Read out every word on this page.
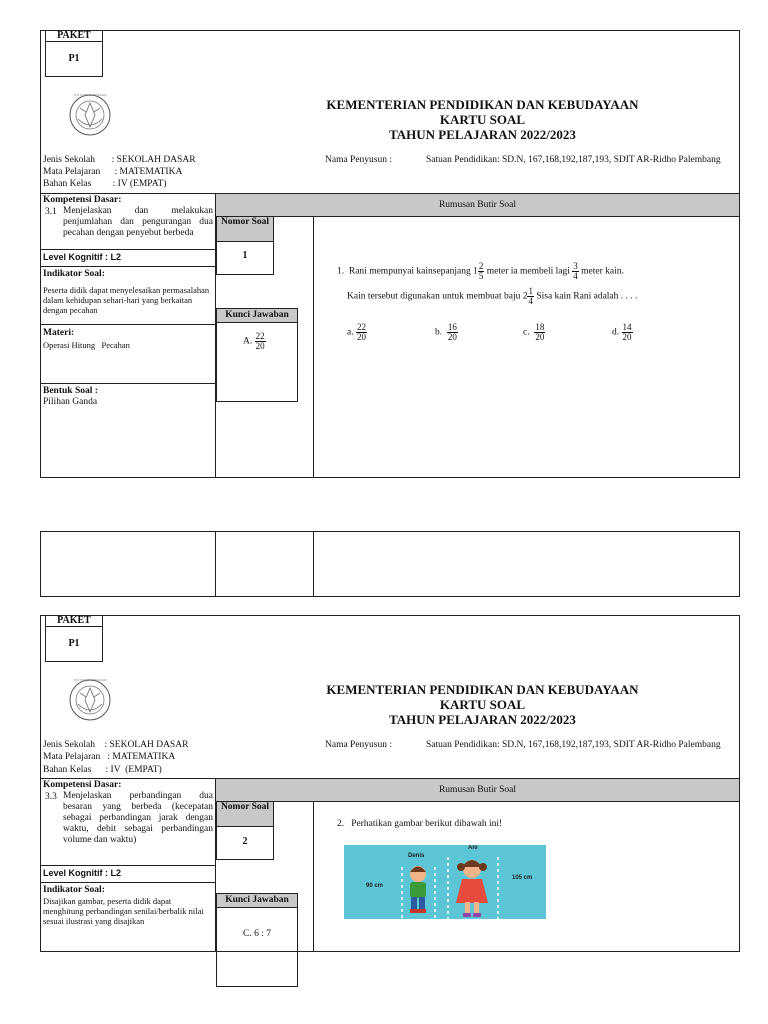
PAKET
P1
TUT WURI HANDAYANI
KEMENTERIAN PENDIDIKAN DAN KEBUDAYAAN
KARTU SOAL
TAHUN PELAJARAN 2022/2023
Jenis Sekolah       : SEKOLAH DASAR
Mata Pelajaran      : MATEMATIKA
Bahan Kelas         : IV (EMPAT)
Nama Penyusun :	Satuan Pendidikan: SD.N, 167,168,192,187,193, SDIT AR-Ridho Palembang
Rumusan Butir Soal
Kompetensi Dasar:
3.1 Menjelaskan dan melakukan penjumlahan dan pengurangan dua pecahan dengan penyebut berbeda
Level Kognitif : L2
Indikator Soal:
Peserta didik dapat menyelesaikan permasalahan dalam kehidupan sehari-hari yang berkaitan dengan pecahan
Materi:
Operasi Hitung   Pecahan
Bentuk Soal :
Pilihan Ganda
Nomor Soal
1
Kunci Jawaban
A. $\frac{22}{20}$
1. Rani mempunyai kainsepanjang $1 \frac{2}{5}$ meter ia membeli lagi $\frac{3}{4}$ meter kain.
Kain tersebut digunakan untuk membuat baju $2 \frac{1}{4}$ Sisa kain Rani adalah . . . .
a. $\frac{22}{20}$	b. $\frac{16}{20}$	c. $\frac{18}{20}$	d. $\frac{14}{20}$
PAKET
P1
TUT WURI HANDAYANI
KEMENTERIAN PENDIDIKAN DAN KEBUDAYAAN
KARTU SOAL
TAHUN PELAJARAN 2022/2023
Jenis Sekolah    : SEKOLAH DASAR
Mata Pelajaran   : MATEMATIKA
Bahan Kelas      : IV  (EMPAT)
Nama Penyusun :	Satuan Pendidikan: SD.N, 167,168,192,187,193, SDIT AR-Ridho Palembang
Rumusan Butir Soal
Kompetensi Dasar:
3.3 Menjelaskan perbandingan dua besaran yang berbeda (kecepatan sebagai perbandingan jarak dengan waktu, debit sebagai perbandingan volume dan waktu)
Level Kognitif : L2
Indikator Soal:
Disajikan gambar, peserta didik dapat menghitung perbandingan senilai/berbalik nilai sesuai ilustrasi yang disajikan
Nomor Soal
2
Kunci Jawaban
C. 6 : 7
2. Perhatikan gambar berikut dibawah ini!
Denis
Ani
90 cm
105 cm
